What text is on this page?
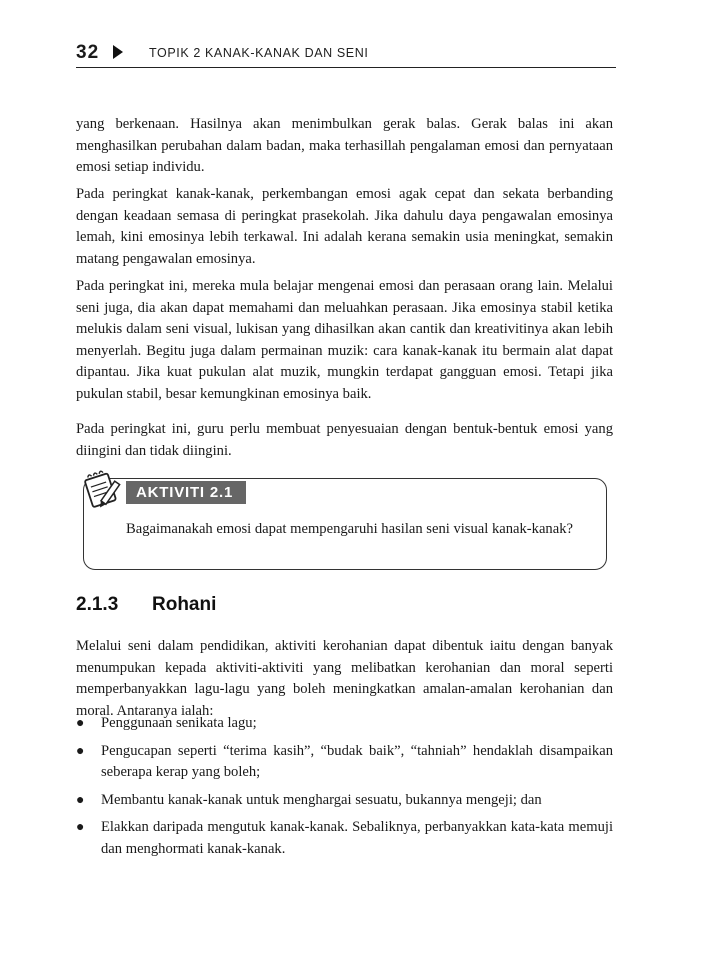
32	TOPIK 2 KANAK-KANAK DAN SENI

yang berkenaan. Hasilnya akan menimbulkan gerak balas. Gerak balas ini akan menghasilkan perubahan dalam badan, maka terhasillah pengalaman emosi dan pernyataan emosi setiap individu.

Pada peringkat kanak-kanak, perkembangan emosi agak cepat dan sekata berbanding dengan keadaan semasa di peringkat prasekolah. Jika dahulu daya pengawalan emosinya lemah, kini emosinya lebih terkawal. Ini adalah kerana semakin usia meningkat, semakin matang pengawalan emosinya.

Pada peringkat ini, mereka mula belajar mengenai emosi dan perasaan orang lain. Melalui seni juga, dia akan dapat memahami dan meluahkan perasaan. Jika emosinya stabil ketika melukis dalam seni visual, lukisan yang dihasilkan akan cantik dan kreativitinya akan lebih menyerlah. Begitu juga dalam permainan muzik: cara kanak-kanak itu bermain alat dapat dipantau. Jika kuat pukulan alat muzik, mungkin terdapat gangguan emosi. Tetapi jika pukulan stabil, besar kemungkinan emosinya baik.

Pada peringkat ini, guru perlu membuat penyesuaian dengan bentuk-bentuk emosi yang diingini dan tidak diingini.

AKTIVITI 2.1

Bagaimanakah emosi dapat mempengaruhi hasilan seni visual kanak-kanak?

2.1.3 Rohani

Melalui seni dalam pendidikan, aktiviti kerohanian dapat dibentuk iaitu dengan banyak menumpukan kepada aktiviti-aktiviti yang melibatkan kerohanian dan moral seperti memperbanyakkan lagu-lagu yang boleh meningkatkan amalan-amalan kerohanian dan moral. Antaranya ialah:

● Penggunaan senikata lagu;
● Pengucapan seperti “terima kasih”, “budak baik”, “tahniah” hendaklah disampaikan seberapa kerap yang boleh;
● Membantu kanak-kanak untuk menghargai sesuatu, bukannya mengeji; dan
● Elakkan daripada mengutuk kanak-kanak. Sebaliknya, perbanyakkan kata-kata memuji dan menghormati kanak-kanak.
